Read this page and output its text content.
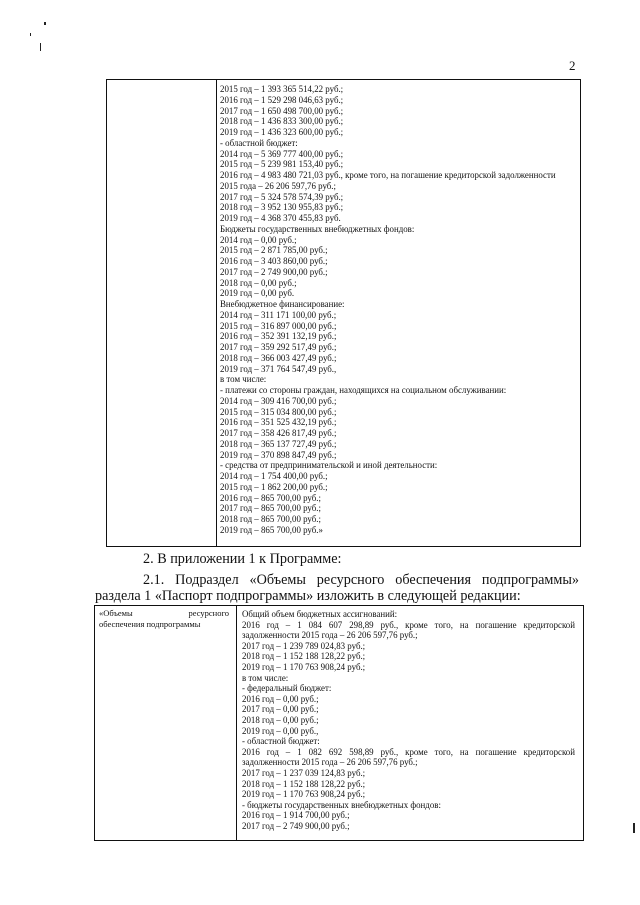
2
2015 год – 1 393 365 514,22 руб.;
2016 год – 1 529 298 046,63 руб.;
2017 год – 1 650 498 700,00 руб.;
2018 год – 1 436 833 300,00 руб.;
2019 год – 1 436 323 600,00 руб.;
- областной бюджет:
2014 год – 5 369 777 400,00 руб.;
2015 год – 5 239 981 153,40 руб.;
2016 год – 4 983 480 721,03 руб., кроме того, на погашение кредиторской задолженности
2015 года – 26 206 597,76 руб.;
2017 год – 5 324 578 574,39 руб.;
2018 год – 3 952 130 955,83 руб.;
2019 год – 4 368 370 455,83 руб.
Бюджеты государственных внебюджетных фондов:
2014 год – 0,00 руб.;
2015 год – 2 871 785,00 руб.;
2016 год – 3 403 860,00 руб.;
2017 год – 2 749 900,00 руб.;
2018 год – 0,00 руб.;
2019 год – 0,00 руб.
Внебюджетное финансирование:
2014 год – 311 171 100,00 руб.;
2015 год – 316 897 000,00 руб.;
2016 год – 352 391 132,19 руб.;
2017 год – 359 292 517,49 руб.;
2018 год – 366 003 427,49 руб.;
2019 год – 371 764 547,49 руб.,
в том числе:
- платежи со стороны граждан, находящихся на социальном обслуживании:
2014 год – 309 416 700,00 руб.;
2015 год – 315 034 800,00 руб.;
2016 год – 351 525 432,19 руб.;
2017 год – 358 426 817,49 руб.;
2018 год – 365 137 727,49 руб.;
2019 год – 370 898 847,49 руб.;
- средства от предпринимательской и иной деятельности:
2014 год – 1 754 400,00 руб.;
2015 год – 1 862 200,00 руб.;
2016 год – 865 700,00 руб.;
2017 год – 865 700,00 руб.;
2018 год – 865 700,00 руб.;
2019 год – 865 700,00 руб.»
2. В приложении 1 к Программе:
2.1. Подраздел «Объемы ресурсного обеспечения подпрограммы»
раздела 1 «Паспорт подпрограммы» изложить в следующей редакции:
«Объемы	ресурсного
обеспечения подпрограммы
Общий объем бюджетных ассигнований:
2016 год – 1 084 607 298,89 руб., кроме того, на погашение кредиторской
задолженности 2015 года – 26 206 597,76 руб.;
2017 год – 1 239 789 024,83 руб.;
2018 год – 1 152 188 128,22 руб.;
2019 год – 1 170 763 908,24 руб.;
в том числе:
- федеральный бюджет:
2016 год – 0,00 руб.;
2017 год – 0,00 руб.;
2018 год – 0,00 руб.;
2019 год – 0,00 руб.,
- областной бюджет:
2016 год – 1 082 692 598,89 руб., кроме того, на погашение кредиторской
задолженности 2015 года – 26 206 597,76 руб.;
2017 год – 1 237 039 124,83 руб.;
2018 год – 1 152 188 128,22 руб.;
2019 год – 1 170 763 908,24 руб.;
- бюджеты государственных внебюджетных фондов:
2016 год – 1 914 700,00 руб.;
2017 год – 2 749 900,00 руб.;
